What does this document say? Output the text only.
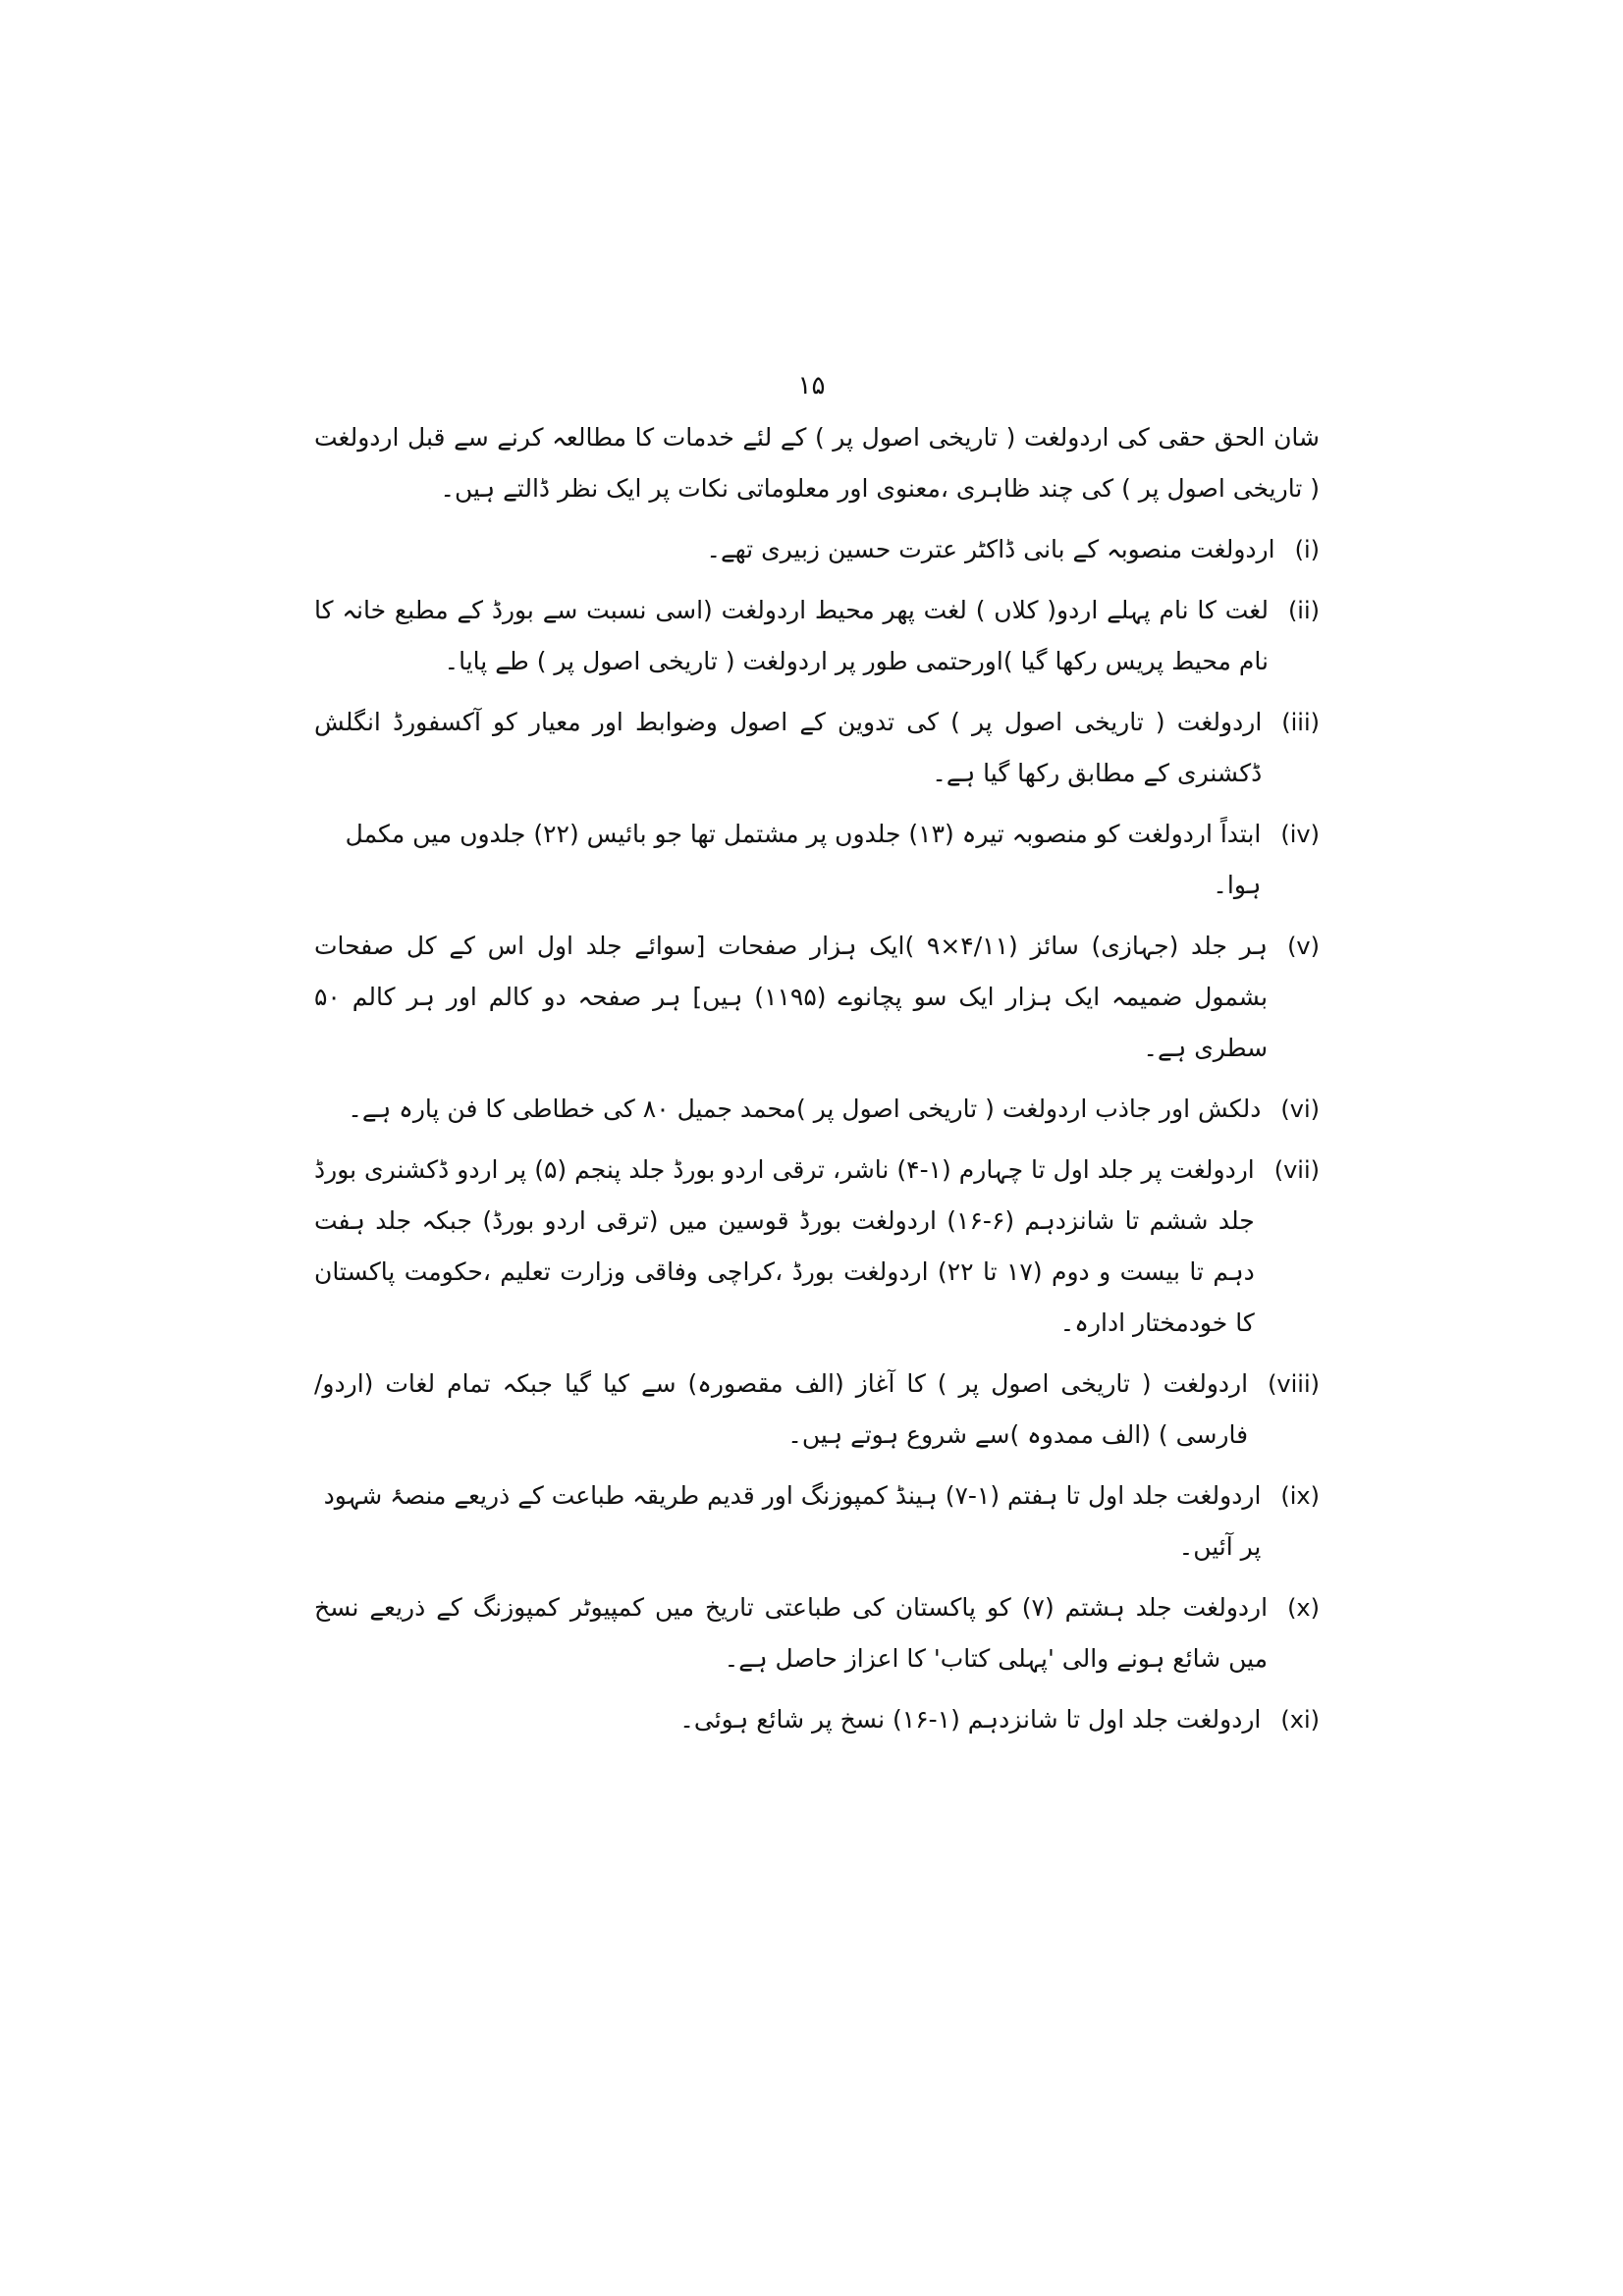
۱۵

شان الحق حقی کی اردولغت ( تاریخی اصول پر ) کے لئے خدمات کا مطالعہ کرنے سے قبل اردولغت ( تاریخی اصول پر ) کی چند ظاہری ،معنوی اور معلوماتی نکات پر ایک نظر ڈالتے ہیں۔

(i)
اردولغت منصوبہ کے بانی ڈاکٹر عترت حسین زبیری تھے۔
(ii)
لغت کا نام پہلے اردو( کلاں ) لغت پھر محیط اردولغت (اسی نسبت سے بورڈ کے مطبع خانہ کا نام محیط پریس رکھا گیا )اورحتمی طور پر اردولغت ( تاریخی اصول پر ) طے پایا۔
(iii)
اردولغت ( تاریخی اصول پر ) کی تدوین کے اصول وضوابط اور معیار کو آکسفورڈ انگلش ڈکشنری کے مطابق رکھا گیا ہے۔
(iv)
ابتداً اردولغت کو منصوبہ تیرہ (۱۳) جلدوں پر مشتمل تھا جو بائیس (۲۲) جلدوں میں مکمل ہوا۔
(v)
ہر جلد (جہازی) سائز (۴/۱۱×۹ )ایک ہزار صفحات [سوائے جلد اول اس کے کل صفحات بشمول ضمیمہ ایک ہزار ایک سو پچانوے (۱۱۹۵) ہیں] ہر صفحہ دو کالم اور ہر کالم ۵۰ سطری ہے۔
(vi)
دلکش اور جاذب اردولغت ( تاریخی اصول پر )محمد جمیل ۸۰ کی خطاطی کا فن پارہ ہے۔
(vii)
اردولغت پر جلد اول تا چہارم (۱-۴) ناشر، ترقی اردو بورڈ جلد پنجم (۵) پر اردو ڈکشنری بورڈ جلد ششم تا شانزدہم (۶-۱۶) اردولغت بورڈ قوسین میں (ترقی اردو بورڈ) جبکہ جلد ہفت دہم تا بیست و دوم (۱۷ تا ۲۲) اردولغت بورڈ ،کراچی وفاقی وزارت تعلیم ،حکومت پاکستان کا خودمختار ادارہ۔
(viii)
اردولغت ( تاریخی اصول پر ) کا آغاز (الف مقصورہ) سے کیا گیا جبکہ تمام لغات (اردو/ فارسی ) (الف ممدوہ )سے شروع ہوتے ہیں۔
(ix)
اردولغت جلد اول تا ہفتم (۱-۷) ہینڈ کمپوزنگ اور قدیم طریقہ طباعت کے ذریعے منصۂ شہود پر آئیں۔
(x)
اردولغت جلد ہشتم (۷) کو پاکستان کی طباعتی تاریخ میں کمپیوٹر کمپوزنگ کے ذریعے نسخ میں شائع ہونے والی 'پہلی کتاب' کا اعزاز حاصل ہے۔
(xi)
اردولغت جلد اول تا شانزدہم (۱-۱۶) نسخ پر شائع ہوئی۔
